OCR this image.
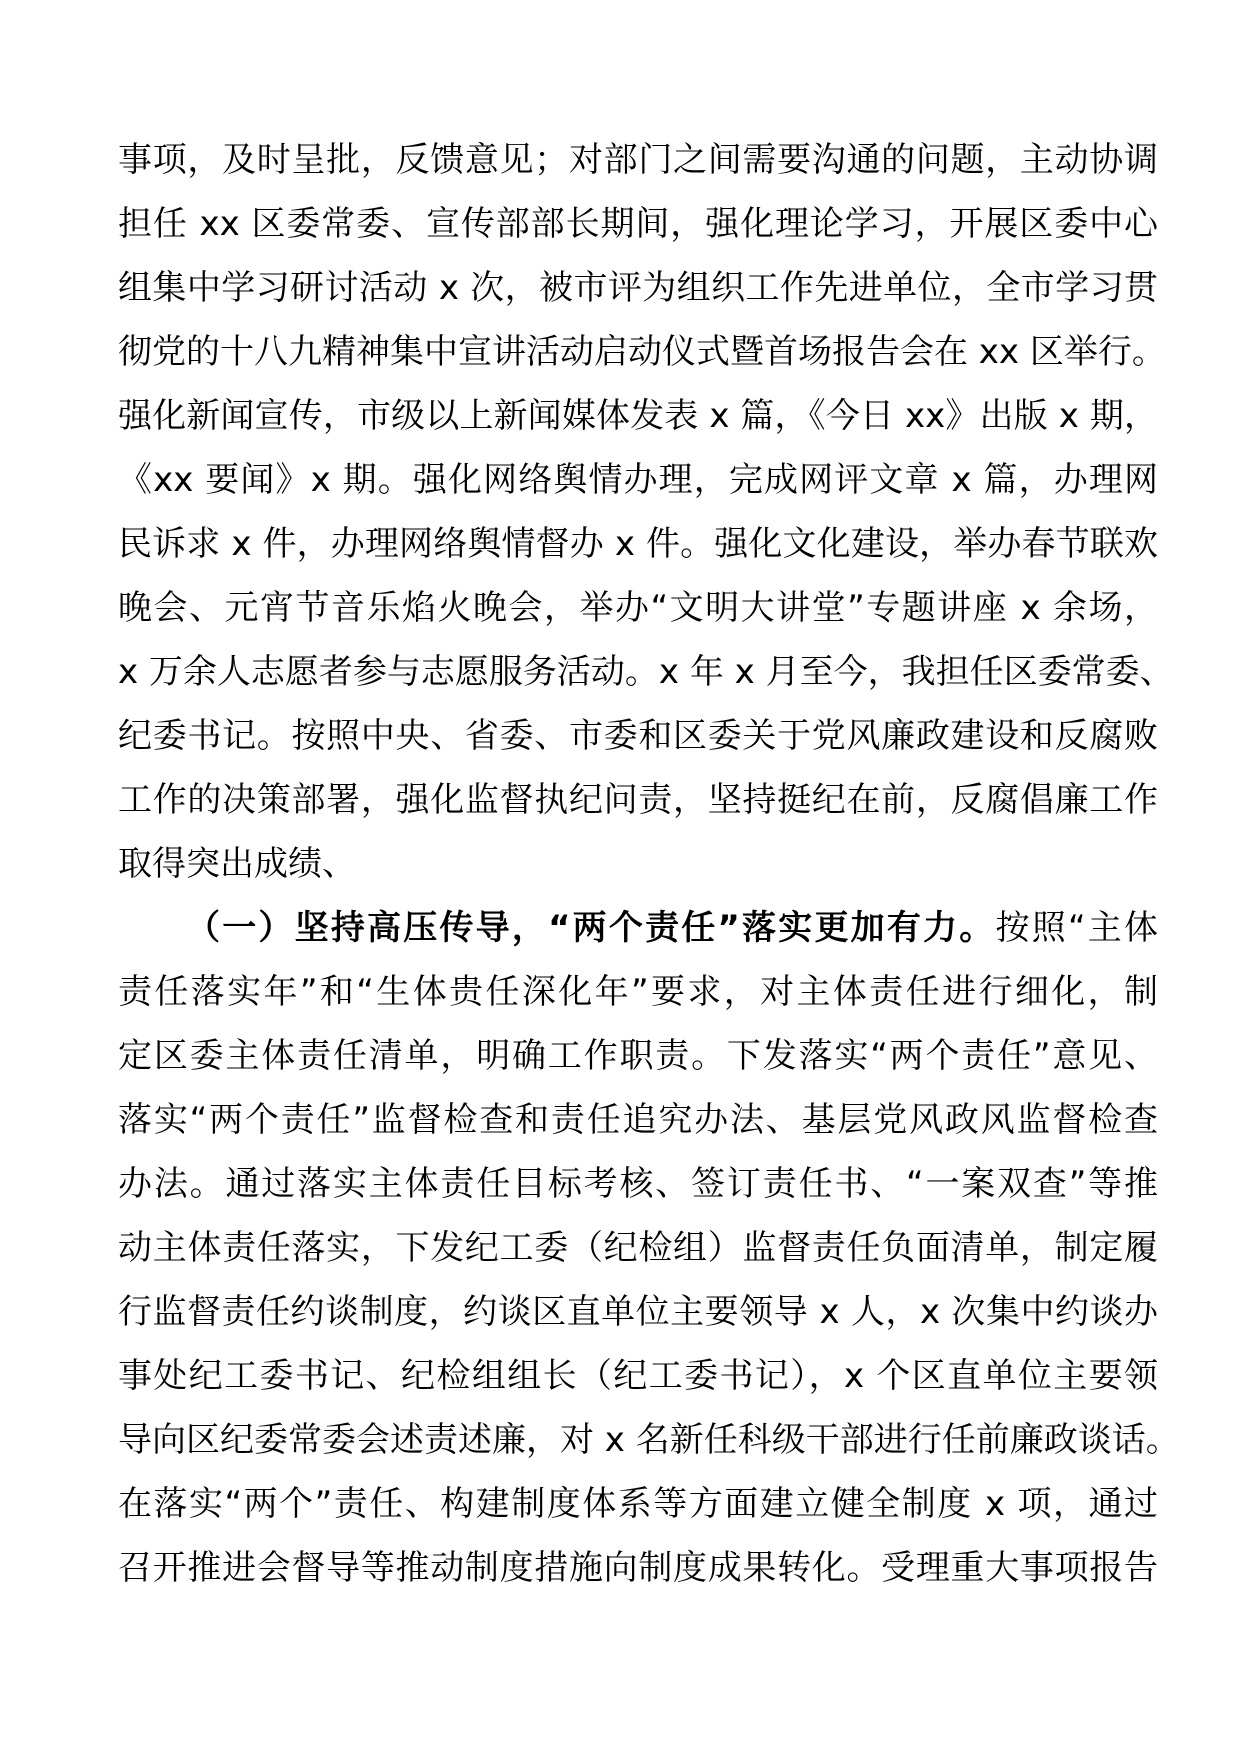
事项，及时呈批，反馈意见；对部门之间需要沟通的问题，主动协调
担任 xx 区委常委、宣传部部长期间，强化理论学习，开展区委中心
组集中学习研讨活动 x 次，被市评为组织工作先进单位，全市学习贯
彻党的十八九精神集中宣讲活动启动仪式暨首场报告会在 xx 区举行。
强化新闻宣传，市级以上新闻媒体发表 x 篇，《今日 xx》出版 x 期，
《xx 要闻》x 期。强化网络舆情办理，完成网评文章 x 篇，办理网
民诉求 x 件，办理网络舆情督办 x 件。强化文化建设，举办春节联欢
晚会、元宵节音乐焰火晚会，举办“文明大讲堂”专题讲座 x 余场，
x 万余人志愿者参与志愿服务活动。x 年 x 月至今，我担任区委常委、
纪委书记。按照中央、省委、市委和区委关于党风廉政建设和反腐败
工作的决策部署，强化监督执纪问责，坚持挺纪在前，反腐倡廉工作
取得突出成绩、
（一）坚持高压传导，“两个责任”落实更加有力。按照“主体
责任落实年”和“生体贵任深化年”要求，对主体责任进行细化，制
定区委主体责任清单，明确工作职责。下发落实“两个责任”意见、
落实“两个责任”监督检查和责任追究办法、基层党风政风监督检查
办法。通过落实主体责任目标考核、签订责任书、“一案双查”等推
动主体责任落实，下发纪工委（纪检组）监督责任负面清单，制定履
行监督责任约谈制度，约谈区直单位主要领导 x 人，x 次集中约谈办
事处纪工委书记、纪检组组长（纪工委书记），x 个区直单位主要领
导向区纪委常委会述责述廉，对 x 名新任科级干部进行任前廉政谈话。
在落实“两个”责任、构建制度体系等方面建立健全制度 x 项，通过
召开推进会督导等推动制度措施向制度成果转化。受理重大事项报告
